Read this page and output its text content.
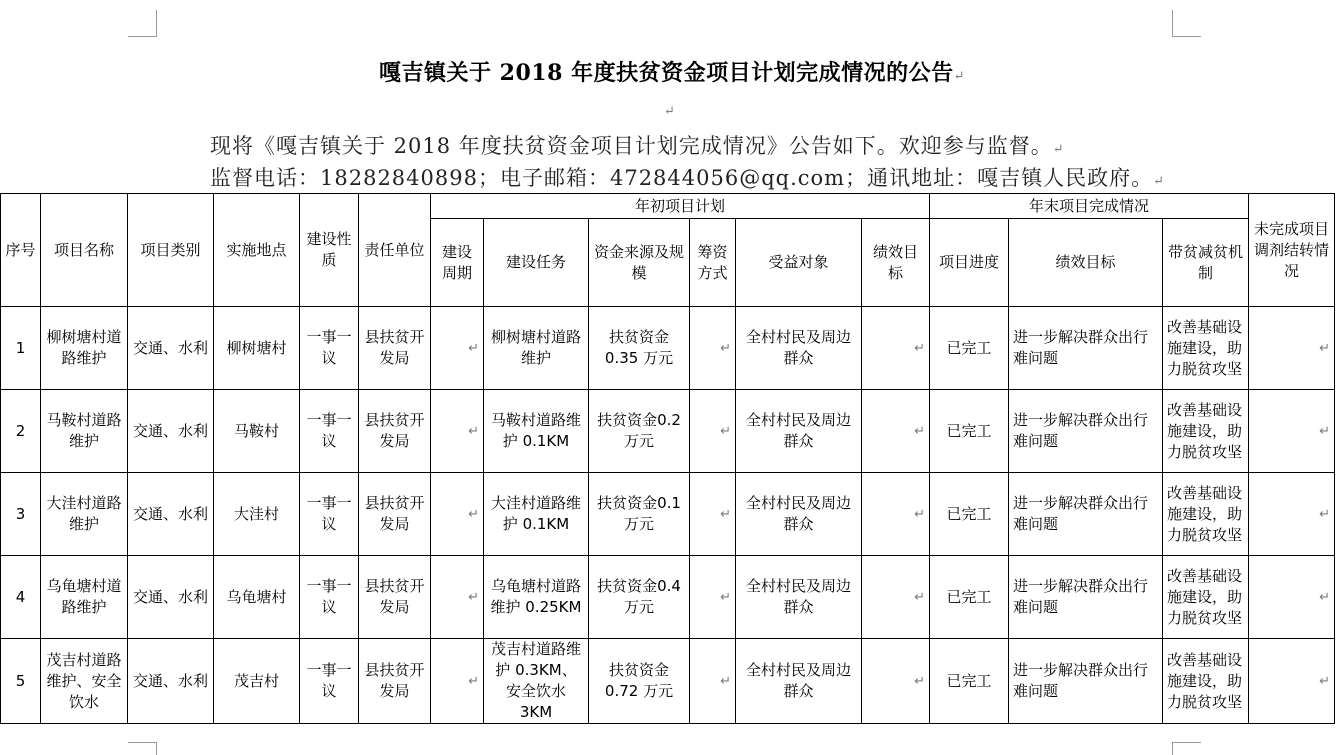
嘎吉镇关于 2018 年度扶贫资金项目计划完成情况的公告↵
↵
现将《嘎吉镇关于 2018 年度扶贫资金项目计划完成情况》公告如下。欢迎参与监督。↵
监督电话：18282840898；电子邮箱：472844056@qq.com；通讯地址：嘎吉镇人民政府。↵
序号	项目名称	项目类别	实施地点	建设性质	责任单位	年初项目计划						年末项目完成情况			未完成项目调剂结转情况
						建设周期	建设任务	资金来源及规模	筹资方式	受益对象	绩效目标	项目进度	绩效目标	带贫减贫机制	
1	柳树塘村道路维护	交通、水利	柳树塘村	一事一议	县扶贫开发局	↵	柳树塘村道路维护	扶贫资金0.35 万元	↵	全村村民及周边群众	↵	已完工	进一步解决群众出行难问题	改善基础设施建设，助力脱贫攻坚	↵
2	马鞍村道路维护	交通、水利	马鞍村	一事一议	县扶贫开发局	↵	马鞍村道路维护 0.1KM	扶贫资金0.2 万元	↵	全村村民及周边群众	↵	已完工	进一步解决群众出行难问题	改善基础设施建设，助力脱贫攻坚	↵
3	大洼村道路维护	交通、水利	大洼村	一事一议	县扶贫开发局	↵	大洼村道路维护 0.1KM	扶贫资金0.1 万元	↵	全村村民及周边群众	↵	已完工	进一步解决群众出行难问题	改善基础设施建设，助力脱贫攻坚	↵
4	乌龟塘村道路维护	交通、水利	乌龟塘村	一事一议	县扶贫开发局	↵	乌龟塘村道路维护 0.25KM	扶贫资金0.4 万元	↵	全村村民及周边群众	↵	已完工	进一步解决群众出行难问题	改善基础设施建设，助力脱贫攻坚	↵
5	茂吉村道路维护、安全饮水	交通、水利	茂吉村	一事一议	县扶贫开发局	↵	茂吉村道路维护 0.3KM、安全饮水 3KM	扶贫资金0.72 万元	↵	全村村民及周边群众	↵	已完工	进一步解决群众出行难问题	改善基础设施建设，助力脱贫攻坚	↵
